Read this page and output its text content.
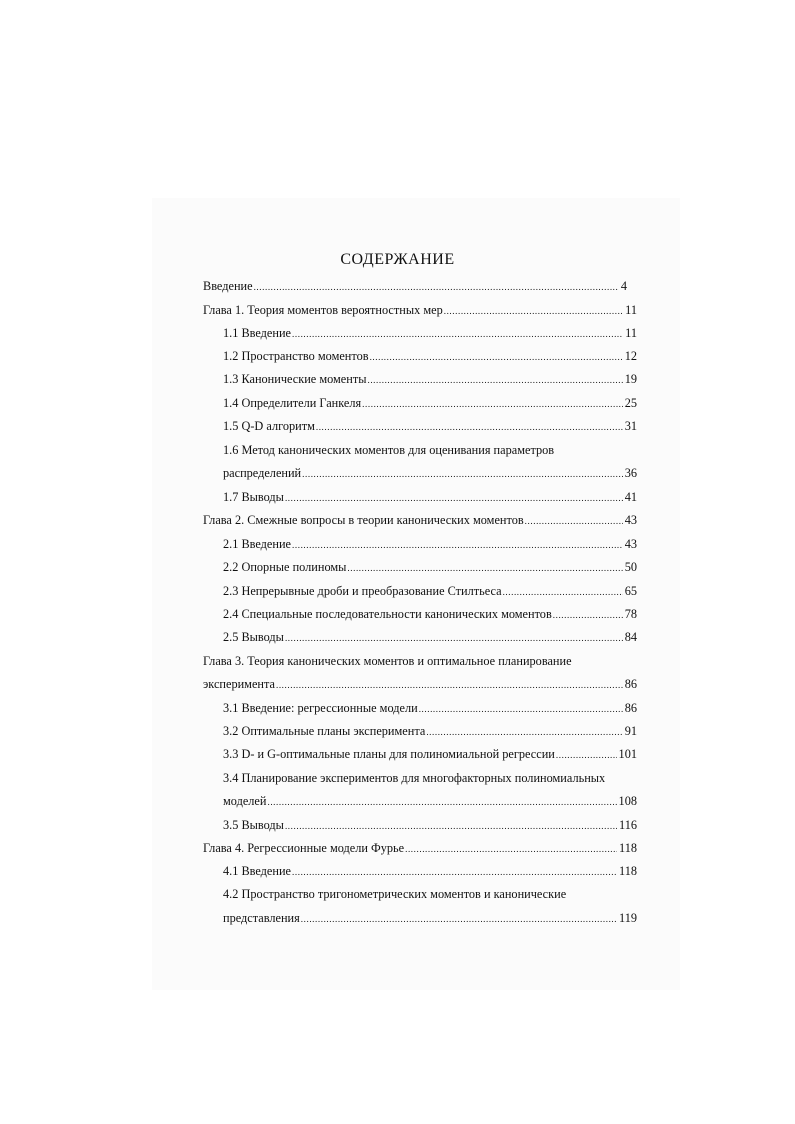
СОДЕРЖАНИЕ
Введение .....	4
Глава 1. Теория моментов вероятностных мер .....	11
1.1 Введение .....	11
1.2 Пространство моментов .....	12
1.3 Канонические моменты .....	19
1.4 Определители Ганкеля .....	25
1.5 Q-D алгоритм .....	31
1.6 Метод канонических моментов для оценивания параметров
распределений .....	36
1.7 Выводы .....	41
Глава 2. Смежные вопросы в теории канонических моментов .....	43
2.1 Введение .....	43
2.2 Опорные полиномы .....	50
2.3 Непрерывные дроби и преобразование Стилтьеса .....	65
2.4 Специальные последовательности канонических моментов .....	78
2.5 Выводы .....	84
Глава 3. Теория канонических моментов и оптимальное планирование
эксперимента .....	86
3.1 Введение: регрессионные модели .....	86
3.2 Оптимальные планы эксперимента .....	91
3.3 D- и G-оптимальные планы для полиномиальной регрессии .....	101
3.4 Планирование экспериментов для многофакторных полиномиальных
моделей .....	108
3.5 Выводы .....	116
Глава 4. Регрессионные модели Фурье .....	118
4.1 Введение .....	118
4.2 Пространство тригонометрических моментов и канонические
представления .....	119
